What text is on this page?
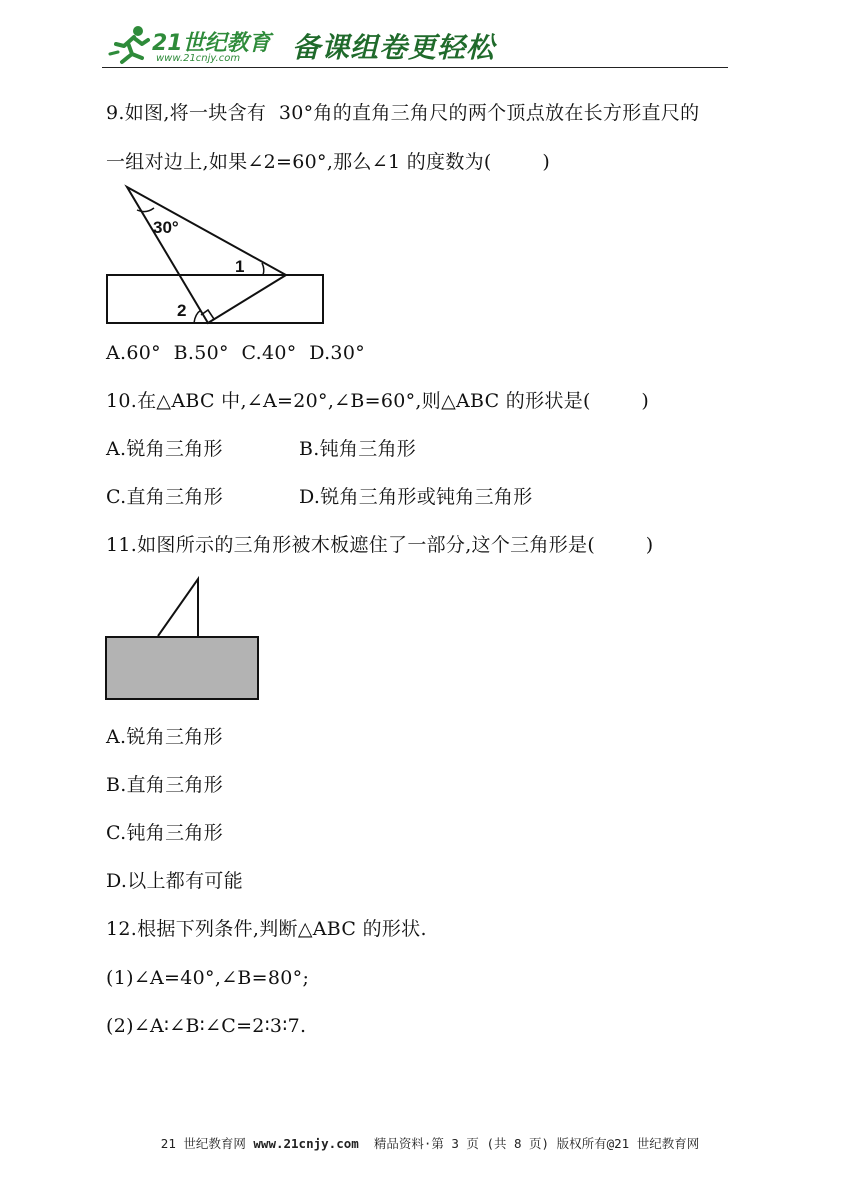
21世纪教育
www.21cnjy.com 备课组卷更轻松
9.如图,将一块含有  30°角的直角三角尺的两个顶点放在长方形直尺的
一组对边上,如果∠2=60°,那么∠1 的度数为(        )
30°
1
2
A.60°  B.50°  C.40°  D.30°
10.在△ABC 中,∠A=20°,∠B=60°,则△ABC 的形状是(        )
A.锐角三角形	B.钝角三角形
C.直角三角形	D.锐角三角形或钝角三角形
11.如图所示的三角形被木板遮住了一部分,这个三角形是(        )
A.锐角三角形
B.直角三角形
C.钝角三角形
D.以上都有可能
12.根据下列条件,判断△ABC 的形状.
(1)∠A=40°,∠B=80°;
(2)∠A∶∠B∶∠C=2∶3∶7.
21 世纪教育网 www.21cnjy.com  精品资料·第 3 页 (共 8 页) 版权所有@21 世纪教育网
